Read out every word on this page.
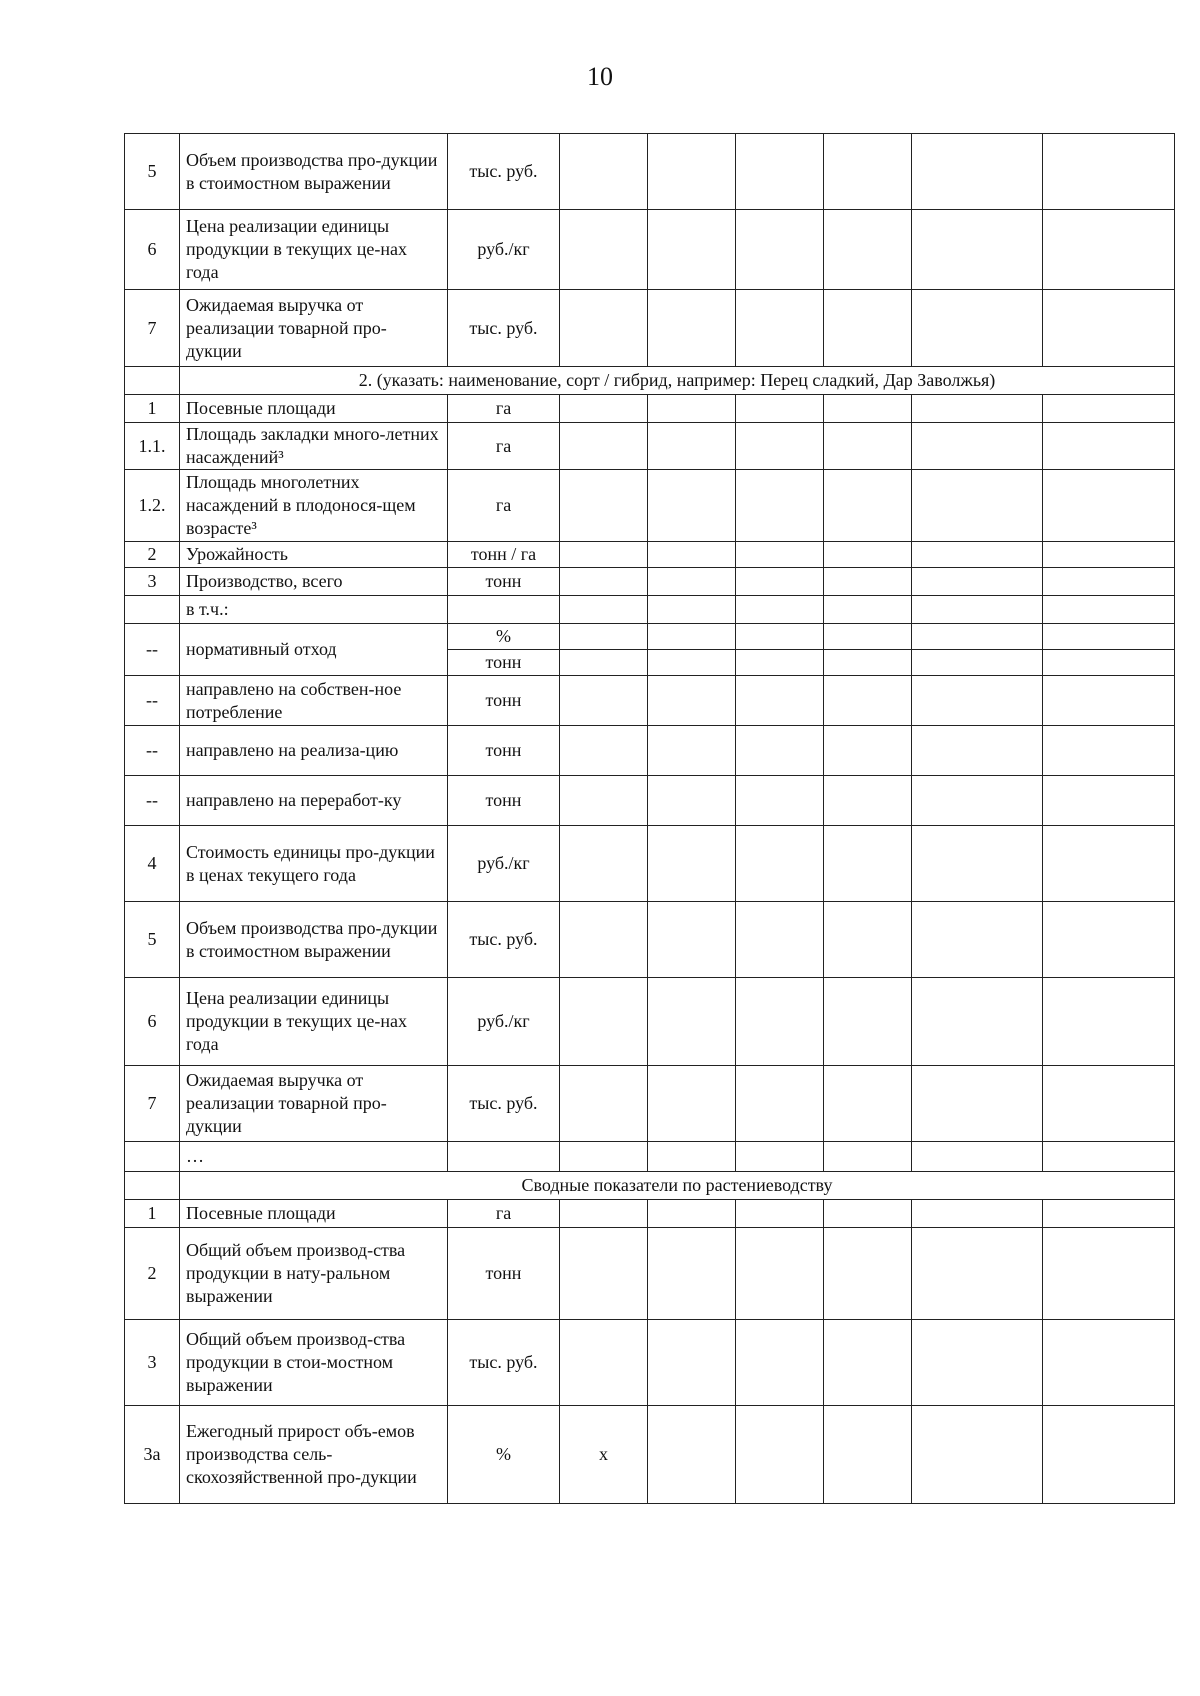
10
5	Объем производства про-дукции в стоимостном выражении	тыс. руб.						
6	Цена реализации единицы продукции в текущих це-нах года	руб./кг						
7	Ожидаемая выручка от реализации товарной про-дукции	тыс. руб.						
	2. (указать: наименование, сорт / гибрид, например: Перец сладкий, Дар Заволжья)							
1	Посевные площади	га						
1.1.	Площадь закладки много-летних насаждений³	га						
1.2.	Площадь многолетних насаждений в плодонося-щем возрасте³	га						
2	Урожайность	тонн / га						
3	Производство, всего	тонн						
	в т.ч.:							
--	нормативный отход	%						
		тонн						
--	направлено на собствен-ное потребление	тонн						
--	направлено на реализа-цию	тонн						
--	направлено на переработ-ку	тонн						
4	Стоимость единицы про-дукции в ценах текущего года	руб./кг						
5	Объем производства про-дукции в стоимостном выражении	тыс. руб.						
6	Цена реализации единицы продукции в текущих це-нах года	руб./кг						
7	Ожидаемая выручка от реализации товарной про-дукции	тыс. руб.						
	…							
	Сводные показатели по растениеводству							
1	Посевные площади	га						
2	Общий объем производ-ства продукции в нату-ральном выражении	тонн						
3	Общий объем производ-ства продукции в стои-мостном выражении	тыс. руб.						
3а	Ежегодный прирост объ-емов производства сель-скохозяйственной про-дукции	%	х					
